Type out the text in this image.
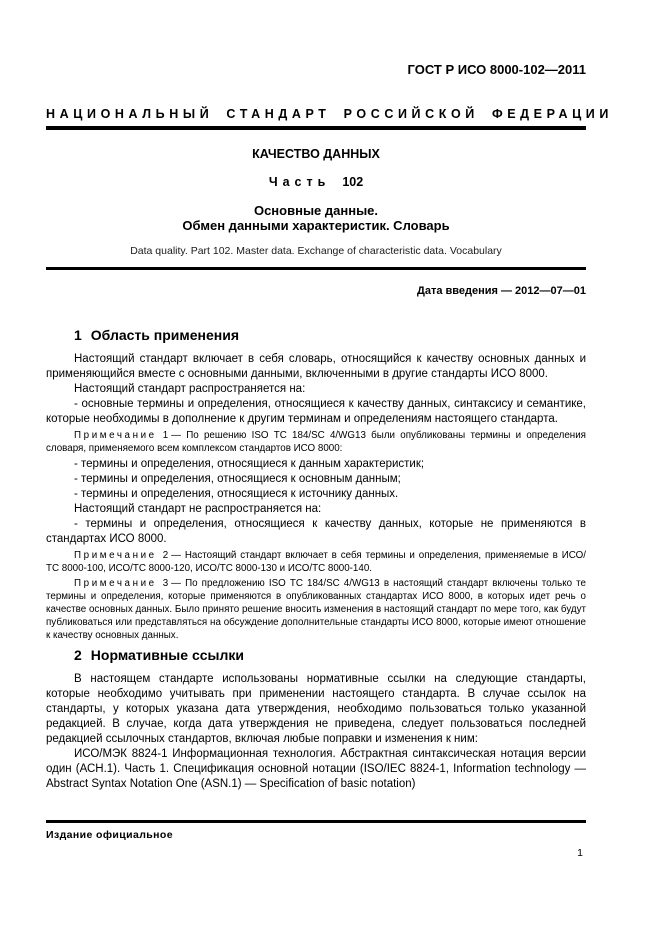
ГОСТ Р ИСО 8000-102—2011
НАЦИОНАЛЬНЫЙ СТАНДАРТ РОССИЙСКОЙ ФЕДЕРАЦИИ
КАЧЕСТВО ДАННЫХ
Часть 102
Основные данные.
Обмен данными характеристик. Словарь
Data quality. Part 102. Master data. Exchange of characteristic data. Vocabulary
Дата введения — 2012—07—01
1 Область применения

Настоящий стандарт включает в себя словарь, относящийся к качеству основных данных и применяющийся вместе с основными данными, включенными в другие стандарты ИСО 8000.

Настоящий стандарт распространяется на:

- основные термины и определения, относящиеся к качеству данных, синтаксису и семантике, которые необходимы в дополнение к другим терминам и определениям настоящего стандарта.

Примечание 1 — По решению ISO ТС 184/SC 4/WG13 были опубликованы термины и определения словаря, применяемого всем комплексом стандартов ИСО 8000:

- термины и определения, относящиеся к данным характеристик;

- термины и определения, относящиеся к основным данным;

- термины и определения, относящиеся к источнику данных.

Настоящий стандарт не распространяется на:

- термины и определения, относящиеся к качеству данных, которые не применяются в стандартах ИСО 8000.

Примечание 2 — Настоящий стандарт включает в себя термины и определения, применяемые в ИСО/ТС 8000-100, ИСО/ТС 8000-120, ИСО/ТС 8000-130 и ИСО/ТС 8000-140.

Примечание 3 — По предложению ISO ТС 184/SC 4/WG13 в настоящий стандарт включены только те термины и определения, которые применяются в опубликованных стандартах ИСО 8000, в которых идет речь о качестве основных данных. Было принято решение вносить изменения в настоящий стандарт по мере того, как будут публиковаться или представляться на обсуждение дополнительные стандарты ИСО 8000, которые имеют отношение к качеству основных данных.

2 Нормативные ссылки

В настоящем стандарте использованы нормативные ссылки на следующие стандарты, которые необходимо учитывать при применении настоящего стандарта. В случае ссылок на стандарты, у которых указана дата утверждения, необходимо пользоваться только указанной редакцией. В случае, когда дата утверждения не приведена, следует пользоваться последней редакцией ссылочных стандартов, включая любые поправки и изменения к ним:

ИСО/МЭК 8824-1 Информационная технология. Абстрактная синтаксическая нотация версии один (АСН.1). Часть 1. Спецификация основной нотации (ISO/IEC 8824-1, Information technology — Abstract Syntax Notation One (ASN.1) — Specification of basic notation)

Издание официальное
1
